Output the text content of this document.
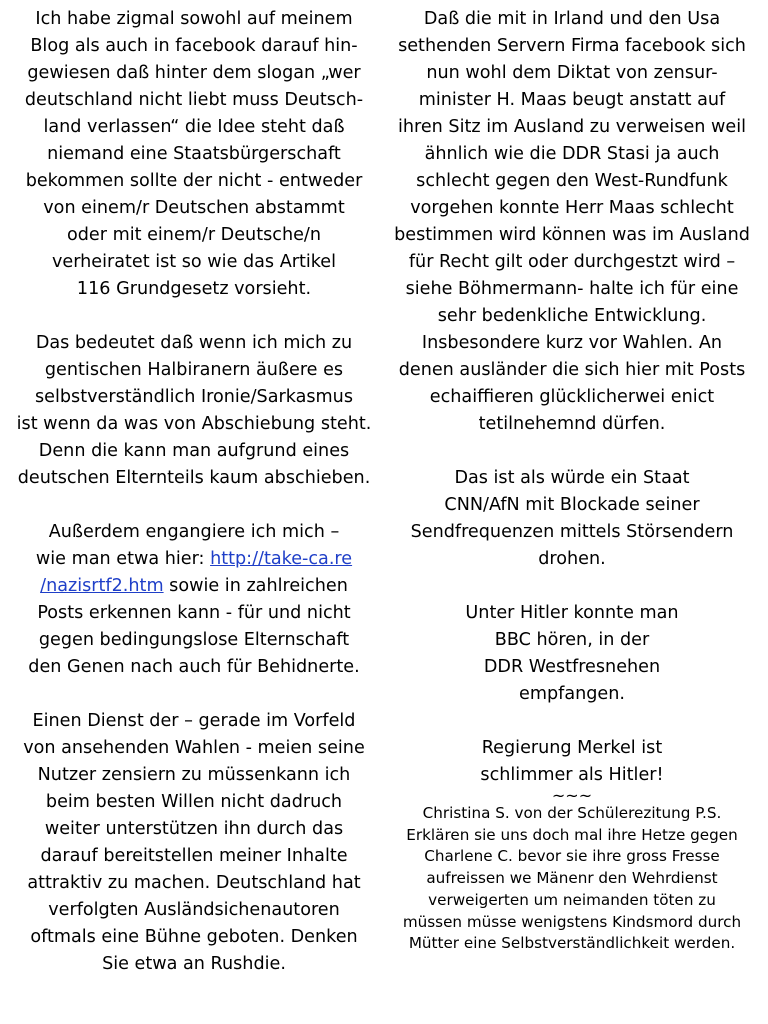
Ich habe zigmal sowohl auf meinem
Blog als auch in facebook darauf hin-
gewiesen daß hinter dem slogan „wer
deutschland nicht liebt muss Deutsch-
land verlassen“ die Idee steht daß
niemand eine Staatsbürgerschaft
bekommen sollte der nicht - entweder
von einem/r Deutschen abstammt
oder mit einem/r Deutsche/n
verheiratet ist so wie das Artikel
116 Grundgesetz vorsieht.

Das bedeutet daß wenn ich mich zu
gentischen Halbiranern äußere es
selbstverständlich Ironie/Sarkasmus
ist wenn da was von Abschiebung steht.
Denn die kann man aufgrund eines
deutschen Elternteils kaum abschieben.

Außerdem engangiere ich mich –
wie man etwa hier: http://take-ca.re
/nazisrtf2.htm sowie in zahlreichen
Posts erkennen kann - für und nicht
gegen bedingungslose Elternschaft
den Genen nach auch für Behidnerte.

Einen Dienst der – gerade im Vorfeld
von ansehenden Wahlen - meien seine
Nutzer zensiern zu müssenkann ich
beim besten Willen nicht dadruch
weiter unterstützen ihn durch das
darauf bereitstellen meiner Inhalte
attraktiv zu machen. Deutschland hat
verfolgten Ausländsichenautoren
oftmals eine Bühne geboten. Denken
Sie etwa an Rushdie.

Daß die mit in Irland und den Usa
sethenden Servern Firma facebook sich
nun wohl dem Diktat von zensur-
minister H. Maas beugt anstatt auf
ihren Sitz im Ausland zu verweisen weil
ähnlich wie die DDR Stasi ja auch
schlecht gegen den West-Rundfunk
vorgehen konnte Herr Maas schlecht
bestimmen wird können was im Ausland
für Recht gilt oder durchgestzt wird –
siehe Böhmermann- halte ich für eine
sehr bedenkliche Entwicklung.
Insbesondere kurz vor Wahlen. An
denen ausländer die sich hier mit Posts
echaiffieren glücklicherwei enict
tetilnehemnd dürfen.

Das ist als würde ein Staat
CNN/AfN mit Blockade seiner
Sendfrequenzen mittels Störsendern
drohen.

Unter Hitler konnte man
BBC hören, in der
DDR Westfresnehen
empfangen.

Regierung Merkel ist
schlimmer als Hitler!

~~~

Christina S. von der Schülerezitung P.S.
Erklären sie uns doch mal ihre Hetze gegen
Charlene C. bevor sie ihre gross Fresse
aufreissen we Mänenr den Wehrdienst
verweigerten um neimanden töten zu
müssen müsse wenigstens Kindsmord durch
Mütter eine Selbstverständlichkeit werden.
